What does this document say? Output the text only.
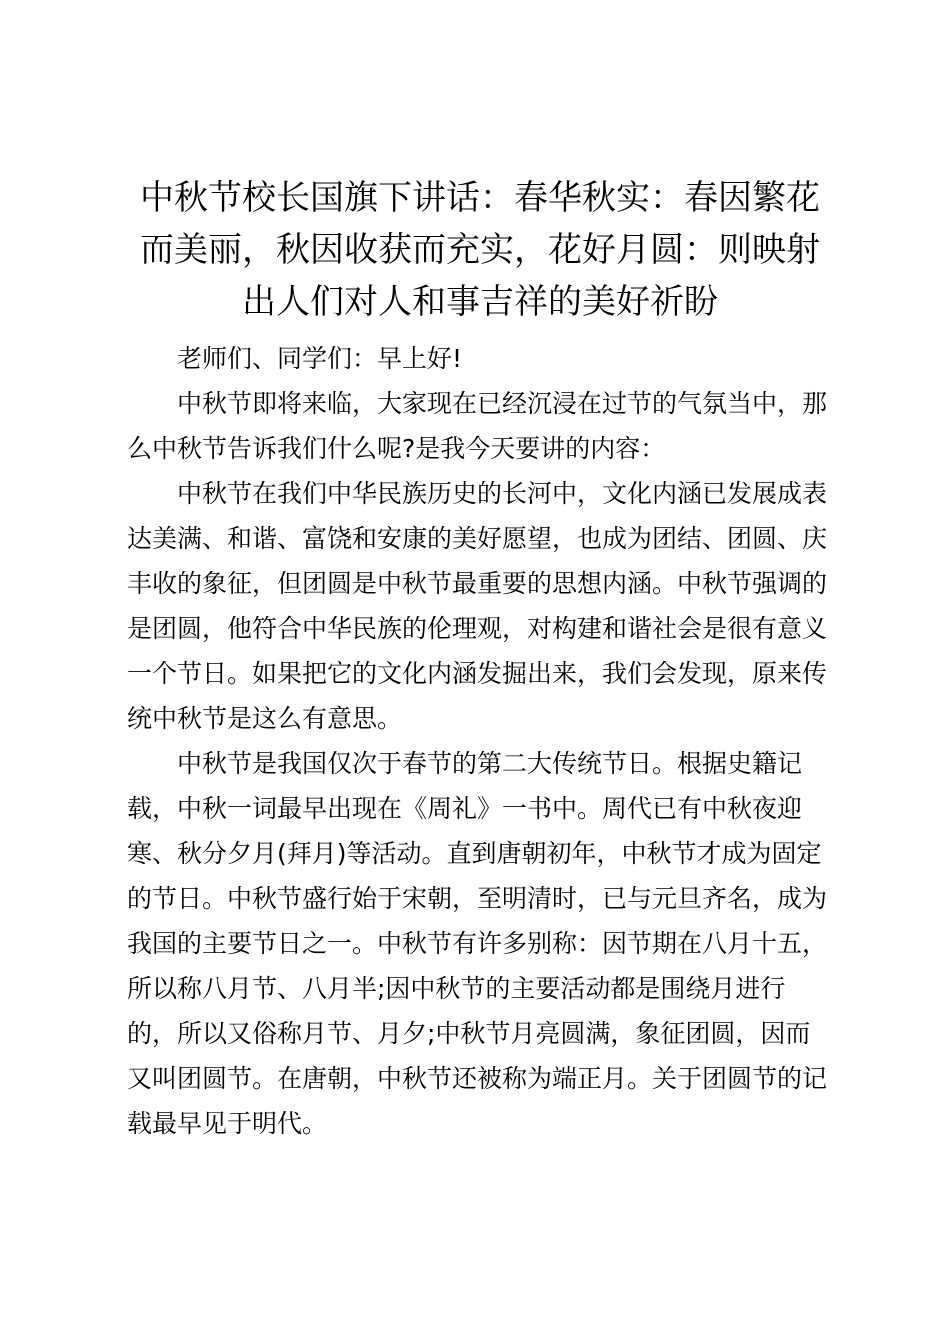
中秋节校长国旗下讲话：春华秋实：春因繁花而美丽，秋因收获而充实，花好月圆：则映射出人们对人和事吉祥的美好祈盼

老师们、同学们：早上好!

中秋节即将来临，大家现在已经沉浸在过节的气氛当中，那么中秋节告诉我们什么呢?是我今天要讲的内容：

中秋节在我们中华民族历史的长河中，文化内涵已发展成表达美满、和谐、富饶和安康的美好愿望，也成为团结、团圆、庆丰收的象征，但团圆是中秋节最重要的思想内涵。中秋节强调的是团圆，他符合中华民族的伦理观，对构建和谐社会是很有意义一个节日。如果把它的文化内涵发掘出来，我们会发现，原来传统中秋节是这么有意思。

中秋节是我国仅次于春节的第二大传统节日。根据史籍记载，中秋一词最早出现在《周礼》一书中。周代已有中秋夜迎寒、秋分夕月(拜月)等活动。直到唐朝初年，中秋节才成为固定的节日。中秋节盛行始于宋朝，至明清时，已与元旦齐名，成为我国的主要节日之一。中秋节有许多别称：因节期在八月十五，所以称八月节、八月半;因中秋节的主要活动都是围绕月进行的，所以又俗称月节、月夕;中秋节月亮圆满，象征团圆，因而又叫团圆节。在唐朝，中秋节还被称为端正月。关于团圆节的记载最早见于明代。
